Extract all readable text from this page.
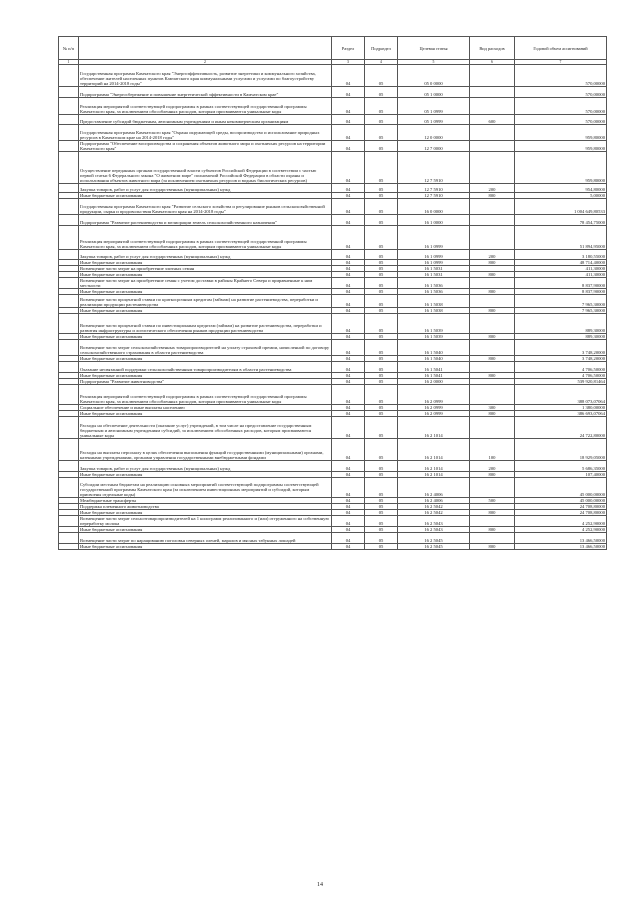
№ п/п		Раздел	Подраздел	Целевая статья	Вид расходов	Годовой объем ассигнований
1	2	3	4	5	6	7
	Государственная программа Камчатского края "Энергоэффективность, развитие энергетики и коммунального хозяйства, обеспечение жителей населенных пунктов Камчатского края коммунальными услугами и услугами по благоустройству территорий на 2014-2018 годы"	04	05	05 0 0000		570,00000
	Подпрограмма "Энергосбережение и повышение энергетической эффективности в Камчатском крае"	04	05	05 1 0000		570,00000
	Реализация мероприятий соответствующей подпрограммы в рамках соответствующей государственной программы Камчатского края, за исключением обособленных расходов, которым присваиваются уникальные коды	04	05	05 1 0999		570,00000
	Предоставление субсидий бюджетным, автономным учреждениям и иным некоммерческим организациям	04	05	05 1 0999	600	570,00000
	Государственная программа Камчатского края "Охрана окружающей среды, воспроизводство и использование природных ресурсов в Камчатском крае на 2014-2018 годы"	04	05	12 0 0000		959,80000
	Подпрограмма "Обеспечение воспроизводства и сохранения объектов животного мира и охотничьих ресурсов на территории Камчатского края"	04	05	12 7 0000		959,80000
	Осуществление переданных органам государственной власти субъектов Российской Федерации в соответствии с частью первой статьи 6 Федерального закона "О животном мире" полномочий Российской Федерации в области охраны и использования объектов животного мира (за исключением охотничьих ресурсов и водных биологических ресурсов)	04	05	12 7 5910		959,80000
	Закупка товаров, работ и услуг для государственных (муниципальных) нужд	04	05	12 7 5910	200	954,80000
	Иные бюджетные ассигнования	04	05	12 7 5910	800	5,00000
	Государственная программа Камчатского края "Развитие сельского хозяйства и регулирование рынков сельскохозяйственной продукции, сырья и продовольствия Камчатского края на 2014-2018 годы"	04	05	16 0 0000		1 004 649,80533
	Подпрограмма "Развитие растениеводства и мелиорации земель сельскохозяйственного назначения"	04	05	16 1 0000		78 454,75000
	Реализация мероприятий соответствующей подпрограммы в рамках соответствующей государственной программы Камчатского края, за исключением обособленных расходов, которым присваиваются уникальные коды	04	05	16 1 0999		51 894,95000
	Закупка товаров, работ и услуг для государственных (муниципальных) нужд	04	05	16 1 0999	200	3 180,55000
	Иные бюджетные ассигнования	04	05	16 1 0999	800	48 714,40000
	Возмещение части затрат на приобретение элитных семян	04	05	16 1 5031		411,30000
	Иные бюджетные ассигнования	04	05	16 1 5031	800	411,30000
	Возмещение части затрат на приобретение семян с учетом доставки в районы Крайнего Севера и приравненные к ним местности	04	05	16 1 5036		8 837,90000
	Иные бюджетные ассигнования	04	05	16 1 5036	800	8 837,90000
	Возмещение части процентной ставки по краткосрочным кредитам (займам) на развитие растениеводства, переработки и реализации продукции растениеводства	04	05	16 1 5038		7 965,30000
	Иные бюджетные ассигнования	04	05	16 1 5038	800	7 965,30000
	Возмещение части процентной ставки по инвестиционным кредитам (займам) на развитие растениеводства, переработки и развития инфраструктуры и логистического обеспечения рынков продукции растениеводства	04	05	16 1 5039		889,30000
	Иные бюджетные ассигнования	04	05	16 1 5039	800	889,30000
	Возмещение части затрат сельскохозяйственных товаропроизводителей на уплату страховой премии, начисленной по договору сельскохозяйственного страхования в области растениеводства	04	05	16 1 5040		3 748,20000
	Иные бюджетные ассигнования	04	05	16 1 5040	800	3 748,20000
	Оказание несвязанной поддержки сельскохозяйственным товаропроизводителям в области растениеводства	04	05	16 1 5041		4 706,50000
	Иные бюджетные ассигнования	04	05	16 1 5041	800	4 706,50000
	Подпрограмма "Развитие животноводства"	04	05	16 2 0000		539 920,81464
	Реализация мероприятий соответствующей подпрограммы в рамках соответствующей государственной программы Камчатского края, за исключением обособленных расходов, которым присваиваются уникальные коды	04	05	16 2 0999		388 073,07064
	Социальное обеспечение и иные выплаты населению	04	05	16 2 0999	300	1 380,00000
	Иные бюджетные ассигнования	04	05	16 2 0999	800	386 693,07064
	Расходы на обеспечение деятельности (оказание услуг) учреждений, в том числе на предоставление государственным бюджетным и автономным учреждениям субсидий, за исключением обособленных расходов, которым присваиваются уникальные коды	04	05	16 2 1014		24 722,80000
	Расходы на выплаты персоналу в целях обеспечения выполнения функций государственными (муниципальными) органами, казенными учреждениями, органами управления государственными внебюджетными фондами	04	05	16 2 1014	100	18 929,05000
	Закупка товаров, работ и услуг для государственных (муниципальных) нужд	04	05	16 2 1014	200	5 686,35000
	Иные бюджетные ассигнования	04	05	16 2 1014	800	107,40000
	Субсидии местным бюджетам на реализацию основных мероприятий соответствующей подпрограммы соответствующей государственной программы Камчатского края (за исключением инвестиционных мероприятий и субсидий, которым присвоены отдельные коды)	04	05	16 2 4006		45 000,00000
	Межбюджетные трансферты	04	05	16 2 4006	500	45 000,00000
	Поддержка племенного животноводства	04	05	16 2 5042		24 708,80000
	Иные бюджетные ассигнования	04	05	16 2 5042	800	24 708,80000
	Возмещение части затрат сельхозтоваропроизводителей на 1 килограмм реализованного и (или) отгруженного на собственную переработку молока	04	05	16 2 5043		4 252,90000
	Иные бюджетные ассигнования	04	05	16 2 5043	800	4 252,90000
	Возмещение части затрат по наращиванию поголовья северных оленей, маралов и мясных табунных лошадей	04	05	16 2 5045		13 466,50000
	Иные бюджетные ассигнования	04	05	16 2 5045	800	13 466,50000
14
